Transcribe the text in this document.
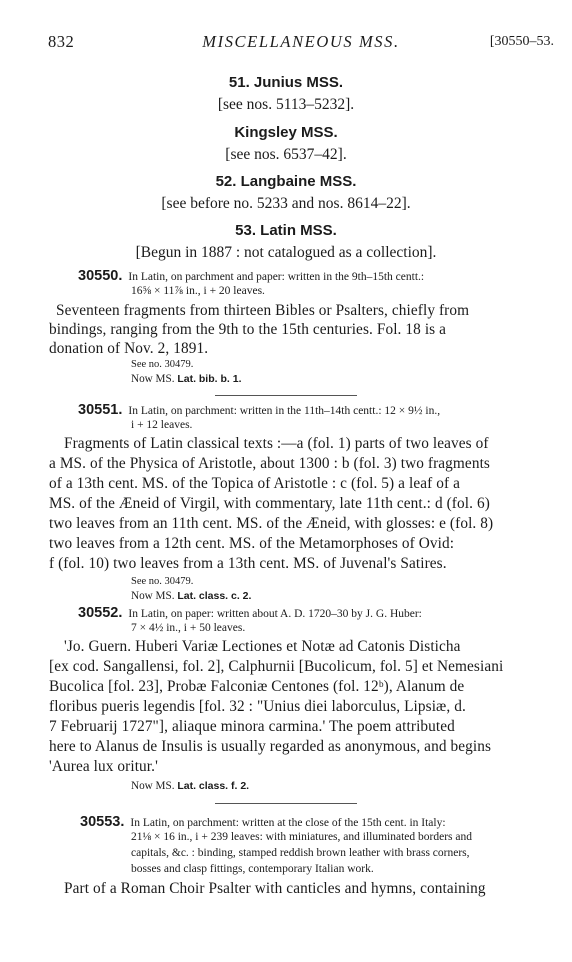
832	MISCELLANEOUS MSS.	[30550–53.
51. Junius MSS.
[see nos. 5113–5232].
Kingsley MSS.
[see nos. 6537–42].
52. Langbaine MSS.
[see before no. 5233 and nos. 8614–22].
53. Latin MSS.
[Begun in 1887 : not catalogued as a collection].
30550. In Latin, on parchment and paper: written in the 9th–15th centt.:
16⅝ × 11⅞ in., i + 20 leaves.
Seventeen fragments from thirteen Bibles or Psalters, chiefly from
bindings, ranging from the 9th to the 15th centuries. Fol. 18 is a
donation of Nov. 2, 1891.
See no. 30479.
Now MS. Lat. bib. b. 1.
30551. In Latin, on parchment: written in the 11th–14th centt.: 12 × 9½ in.,
i + 12 leaves.
Fragments of Latin classical texts :—a (fol. 1) parts of two leaves of
a MS. of the Physica of Aristotle, about 1300 : b (fol. 3) two fragments
of a 13th cent. MS. of the Topica of Aristotle : c (fol. 5) a leaf of a
MS. of the Æneid of Virgil, with commentary, late 11th cent.: d (fol. 6)
two leaves from an 11th cent. MS. of the Æneid, with glosses: e (fol. 8)
two leaves from a 12th cent. MS. of the Metamorphoses of Ovid:
f (fol. 10) two leaves from a 13th cent. MS. of Juvenal's Satires.
See no. 30479.
Now MS. Lat. class. c. 2.
30552. In Latin, on paper: written about A. D. 1720–30 by J. G. Huber:
7 × 4½ in., i + 50 leaves.
'Jo. Guern. Huberi Variæ Lectiones et Notæ ad Catonis Disticha
[ex cod. Sangallensi, fol. 2], Calphurnii [Bucolicum, fol. 5] et Nemesiani
Bucolica [fol. 23], Probæ Falconiæ Centones (fol. 12ᵇ), Alanum de
floribus pueris legendis [fol. 32 : "Unius diei laborculus, Lipsiæ, d.
7 Februarij 1727"], aliaque minora carmina.' The poem attributed
here to Alanus de Insulis is usually regarded as anonymous, and begins
'Aurea lux oritur.'
Now MS. Lat. class. f. 2.
30553. In Latin, on parchment: written at the close of the 15th cent. in Italy:
21⅛ × 16 in., i + 239 leaves: with miniatures, and illuminated borders and
capitals, &c. : binding, stamped reddish brown leather with brass corners,
bosses and clasp fittings, contemporary Italian work.
Part of a Roman Choir Psalter with canticles and hymns, containing
